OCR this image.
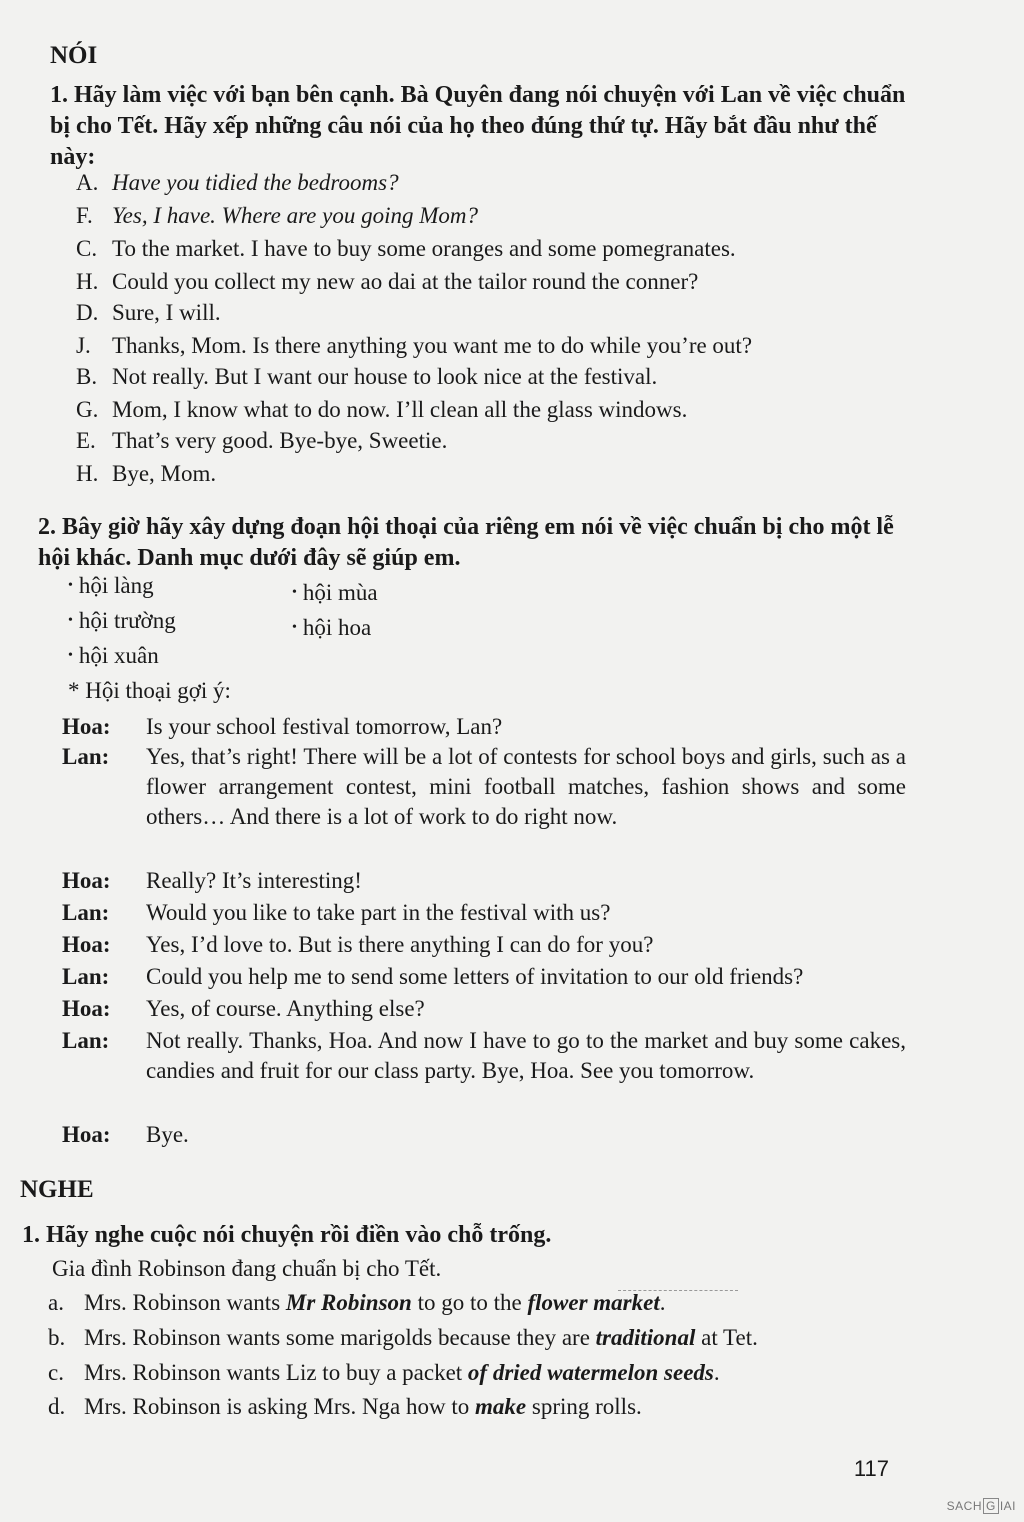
NÓI
1. Hãy làm việc với bạn bên cạnh. Bà Quyên đang nói chuyện với Lan về việc chuẩn bị cho Tết. Hãy xếp những câu nói của họ theo đúng thứ tự. Hãy bắt đầu như thế này:
A. Have you tidied the bedrooms?
F. Yes, I have. Where are you going Mom?
C. To the market. I have to buy some oranges and some pomegranates.
H. Could you collect my new ao dai at the tailor round the conner?
D. Sure, I will.
J. Thanks, Mom. Is there anything you want me to do while you’re out?
B. Not really. But I want our house to look nice at the festival.
G. Mom, I know what to do now. I’ll clean all the glass windows.
E. That’s very good. Bye-bye, Sweetie.
H. Bye, Mom.
2. Bây giờ hãy xây dựng đoạn hội thoại của riêng em nói về việc chuẩn bị cho một lễ hội khác. Danh mục dưới đây sẽ giúp em.
• hội làng
• hội trường
• hội xuân
• hội mùa
• hội hoa
* Hội thoại gợi ý:
Hoa: Is your school festival tomorrow, Lan?
Lan: Yes, that’s right! There will be a lot of contests for school boys and girls, such as a flower arrangement contest, mini football matches, fashion shows and some others… And there is a lot of work to do right now.
Hoa: Really? It’s interesting!
Lan: Would you like to take part in the festival with us?
Hoa: Yes, I’d love to. But is there anything I can do for you?
Lan: Could you help me to send some letters of invitation to our old friends?
Hoa: Yes, of course. Anything else?
Lan: Not really. Thanks, Hoa. And now I have to go to the market and buy some cakes, candies and fruit for our class party. Bye, Hoa. See you tomorrow.
Hoa: Bye.
NGHE
1. Hãy nghe cuộc nói chuyện rồi điền vào chỗ trống.
Gia đình Robinson đang chuẩn bị cho Tết.
a. Mrs. Robinson wants Mr Robinson to go to the flower market.
b. Mrs. Robinson wants some marigolds because they are traditional at Tet.
c. Mrs. Robinson wants Liz to buy a packet of dried watermelon seeds.
d. Mrs. Robinson is asking Mrs. Nga how to make spring rolls.
117
SACH G IAI
